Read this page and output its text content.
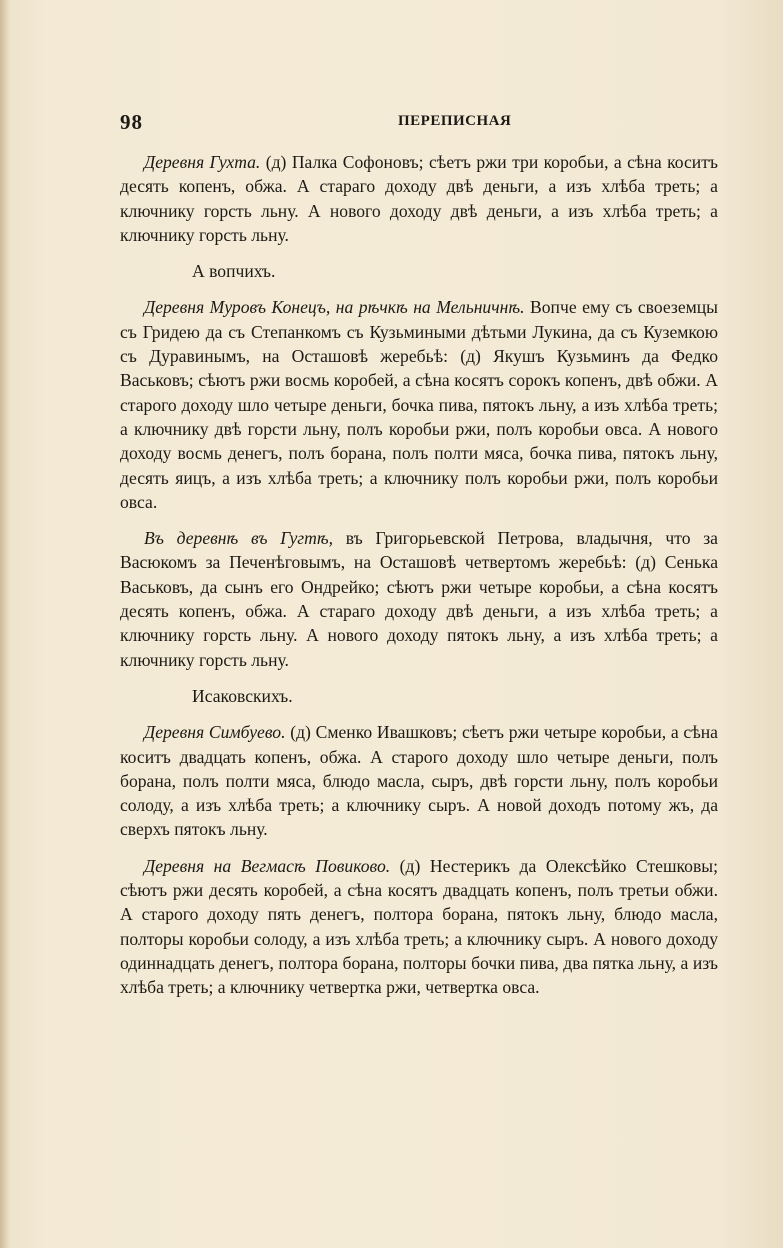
98	ПЕРЕПИСНАЯ

Деревня Гухта. (д) Палка Софоновъ; сѣетъ ржи три коробьи, а сѣна коситъ десять копенъ, обжа. А стараго доходу двѣ деньги, а изъ хлѣба треть; а ключнику горсть льну. А нового доходу двѣ деньги, а изъ хлѣба треть; а ключнику горсть льну.

А вопчихъ.

Деревня Муровъ Конецъ, на рѣчкѣ на Мельничнѣ. Вопче ему съ своеземцы съ Гридею да съ Степанкомъ съ Кузьмиными дѣтьми Лукина, да съ Куземкою съ Дуравинымъ, на Осташовѣ жеребьѣ: (д) Якушъ Кузьминъ да Федко Васьковъ; сѣютъ ржи восмь коробей, а сѣна косятъ сорокъ копенъ, двѣ обжи. А старого доходу шло четыре деньги, бочка пива, пятокъ льну, а изъ хлѣба треть; а ключнику двѣ горсти льну, полъ коробьи ржи, полъ коробьи овса. А нового доходу восмь денегъ, полъ борана, полъ полти мяса, бочка пива, пятокъ льну, десять яицъ, а изъ хлѣба треть; а ключнику полъ коробьи ржи, полъ коробьи овса.

Въ деревнѣ въ Гугтѣ, въ Григорьевской Петрова, владычня, что за Васюкомъ за Печенѣговымъ, на Осташовѣ четвертомъ жеребьѣ: (д) Сенька Васьковъ, да сынъ его Ондрейко; сѣютъ ржи четыре коробьи, а сѣна косятъ десять копенъ, обжа. А стараго доходу двѣ деньги, а изъ хлѣба треть; а ключнику горсть льну. А нового доходу пятокъ льну, а изъ хлѣба треть; а ключнику горсть льну.

Исаковскихъ.

Деревня Симбуево. (д) Сменко Ивашковъ; сѣетъ ржи четыре коробьи, а сѣна коситъ двадцать копенъ, обжа. А старого доходу шло четыре деньги, полъ борана, полъ полти мяса, блюдо масла, сыръ, двѣ горсти льну, полъ коробьи солоду, а изъ хлѣба треть; а ключнику сыръ. А новой доходъ потому жъ, да сверхъ пятокъ льну.

Деревня на Вегмасѣ Повиково. (д) Нестерикъ да Олексѣйко Стешковы; сѣютъ ржи десять коробей, а сѣна косятъ двадцать копенъ, полъ третьи обжи. А старого доходу пять денегъ, полтора борана, пятокъ льну, блюдо масла, полторы коробьи солоду, а изъ хлѣба треть; а ключнику сыръ. А нового доходу одиннадцать денегъ, полтора борана, полторы бочки пива, два пятка льну, а изъ хлѣба треть; а ключнику четвертка ржи, четвертка овса.
